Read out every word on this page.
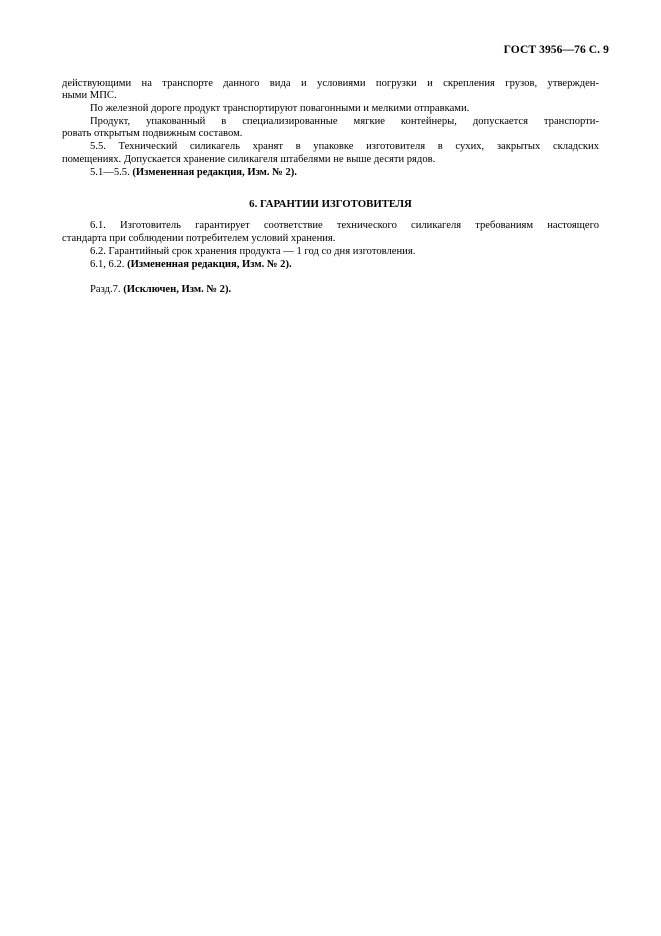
ГОСТ 3956—76 С. 9
действующими на транспорте данного вида и условиями погрузки и скрепления грузов, утвержден-
ными МПС.
По железной дороге продукт транспортируют повагонными и мелкими отправками.
Продукт, упакованный в специализированные мягкие контейнеры, допускается транспорти-
ровать открытым подвижным составом.
5.5. Технический силикагель хранят в упаковке изготовителя в сухих, закрытых складских
помещениях. Допускается хранение силикагеля штабелями не выше десяти рядов.
5.1—5.5. (Измененная редакция, Изм. № 2).
6. ГАРАНТИИ ИЗГОТОВИТЕЛЯ
6.1. Изготовитель гарантирует соответствие технического силикагеля требованиям настоящего
стандарта при соблюдении потребителем условий хранения.
6.2. Гарантийный срок хранения продукта — 1 год со дня изготовления.
6.1, 6.2. (Измененная редакция, Изм. № 2).
Разд.7. (Исключен, Изм. № 2).
